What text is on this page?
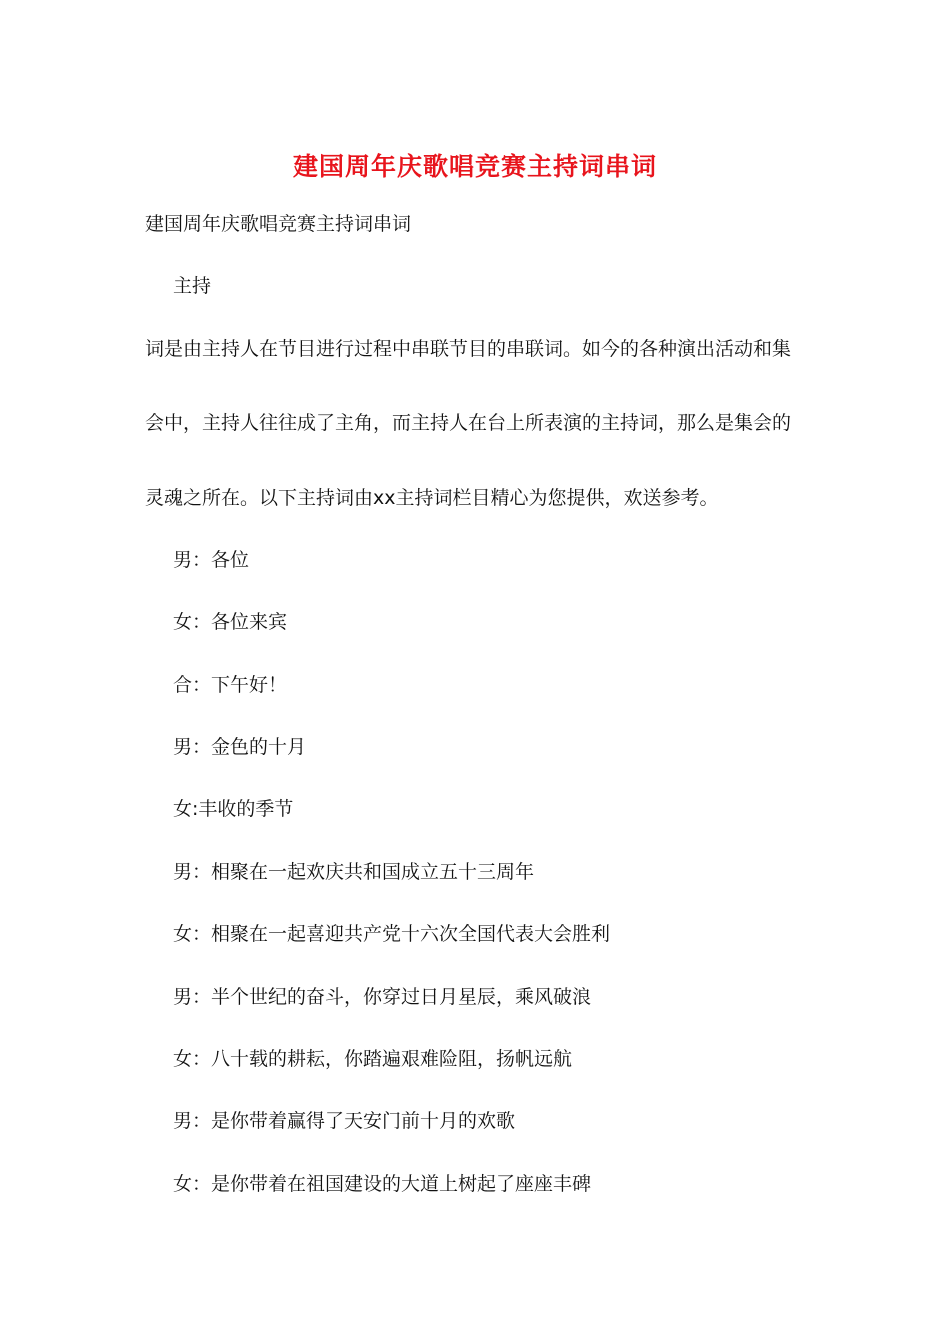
建国周年庆歌唱竞赛主持词串词
建国周年庆歌唱竞赛主持词串词
主持
词是由主持人在节目进行过程中串联节目的串联词。如今的各种演出活动和集
会中，主持人往往成了主角，而主持人在台上所表演的主持词，那么是集会的
灵魂之所在。以下主持词由xx主持词栏目精心为您提供，欢送参考。
男：各位
女：各位来宾
合：下午好！
男：金色的十月
女:丰收的季节
男：相聚在一起欢庆共和国成立五十三周年
女：相聚在一起喜迎共产党十六次全国代表大会胜利
男：半个世纪的奋斗，你穿过日月星辰，乘风破浪
女：八十载的耕耘，你踏遍艰难险阻，扬帆远航
男：是你带着赢得了天安门前十月的欢歌
女：是你带着在祖国建设的大道上树起了座座丰碑
